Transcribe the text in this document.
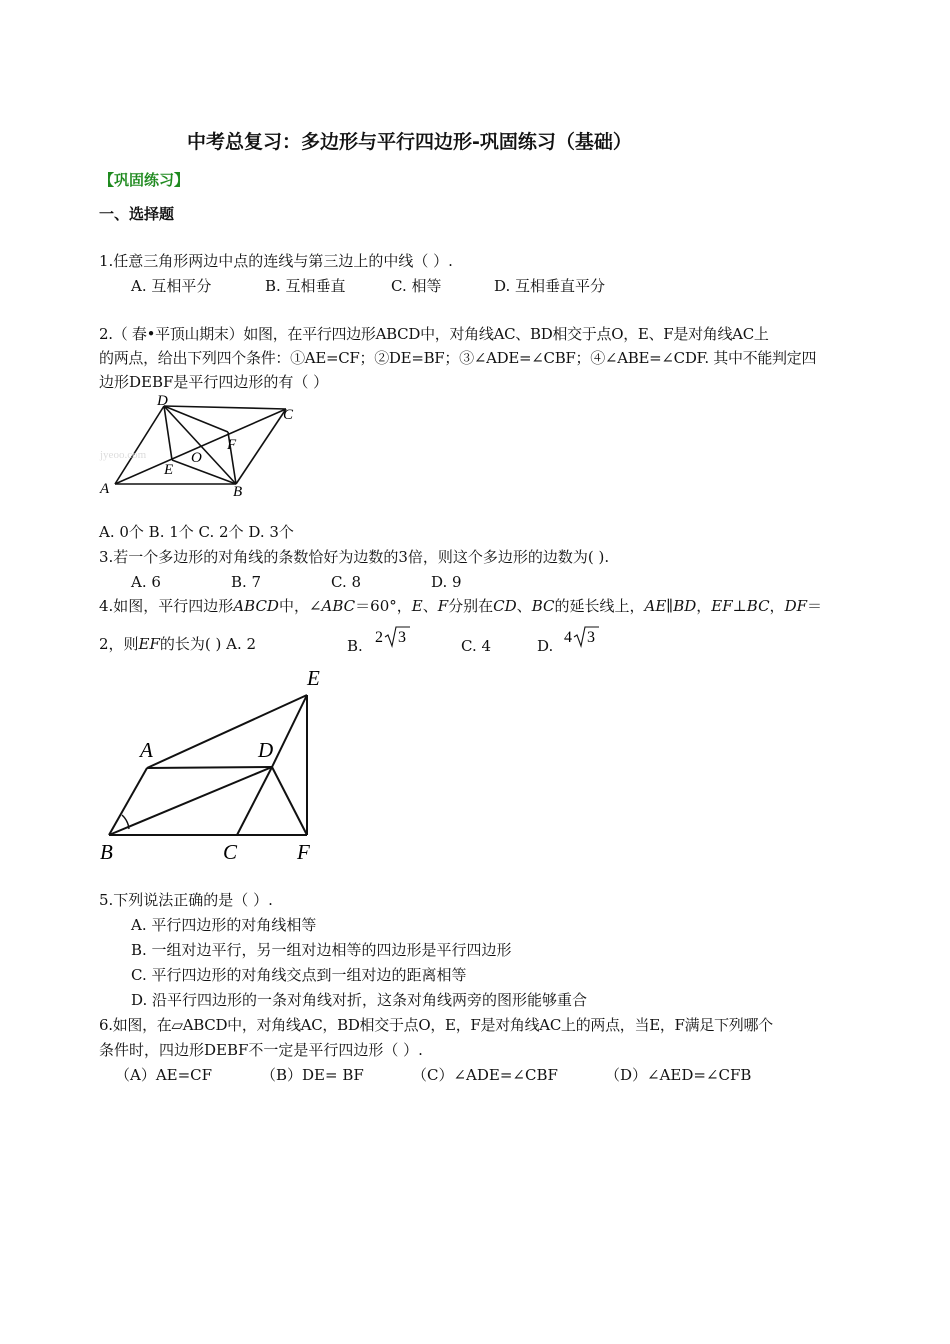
中考总复习：多边形与平行四边形-巩固练习（基础）
【巩固练习】
一、选择题
1.任意三角形两边中点的连线与第三边上的中线（ ）.
A. 互相平分	B. 互相垂直	C. 相等	D. 互相垂直平分
2.（ 春•平顶山期末）如图，在平行四边形ABCD中，对角线AC、BD相交于点O，E、F是对角线AC上
的两点，给出下列四个条件：①AE=CF；②DE=BF；③∠ADE=∠CBF；④∠ABE=∠CDF. 其中不能判定四
边形DEBF是平行四边形的有（ ）
jyeoo.com
A	B
C
D
E
F
O
A. 0个 B. 1个 C. 2个 D. 3个
3.若一个多边形的对角线的条数恰好为边数的3倍，则这个多边形的边数为( ).
A. 6	B. 7	C. 8	D. 9
4.如图，平行四边形ABCD中，∠ABC＝60°，E、F分别在CD、BC的延长线上，AE∥BD，EF⊥BC，DF＝
2，则EF的长为( ) A. 2	B. 2 3	C. 4	D. 4 3
A
B	C
D
E
F
5.下列说法正确的是（ ）.
A. 平行四边形的对角线相等
B. 一组对边平行，另一组对边相等的四边形是平行四边形
C. 平行四边形的对角线交点到一组对边的距离相等
D. 沿平行四边形的一条对角线对折，这条对角线两旁的图形能够重合
6.如图，在▱ABCD中，对角线AC，BD相交于点O，E，F是对角线AC上的两点，当E，F满足下列哪个
条件时，四边形DEBF不一定是平行四边形（ ）.
（A）AE=CF	（B）DE= BF	（C）∠ADE=∠CBF	（D）∠AED=∠CFB
